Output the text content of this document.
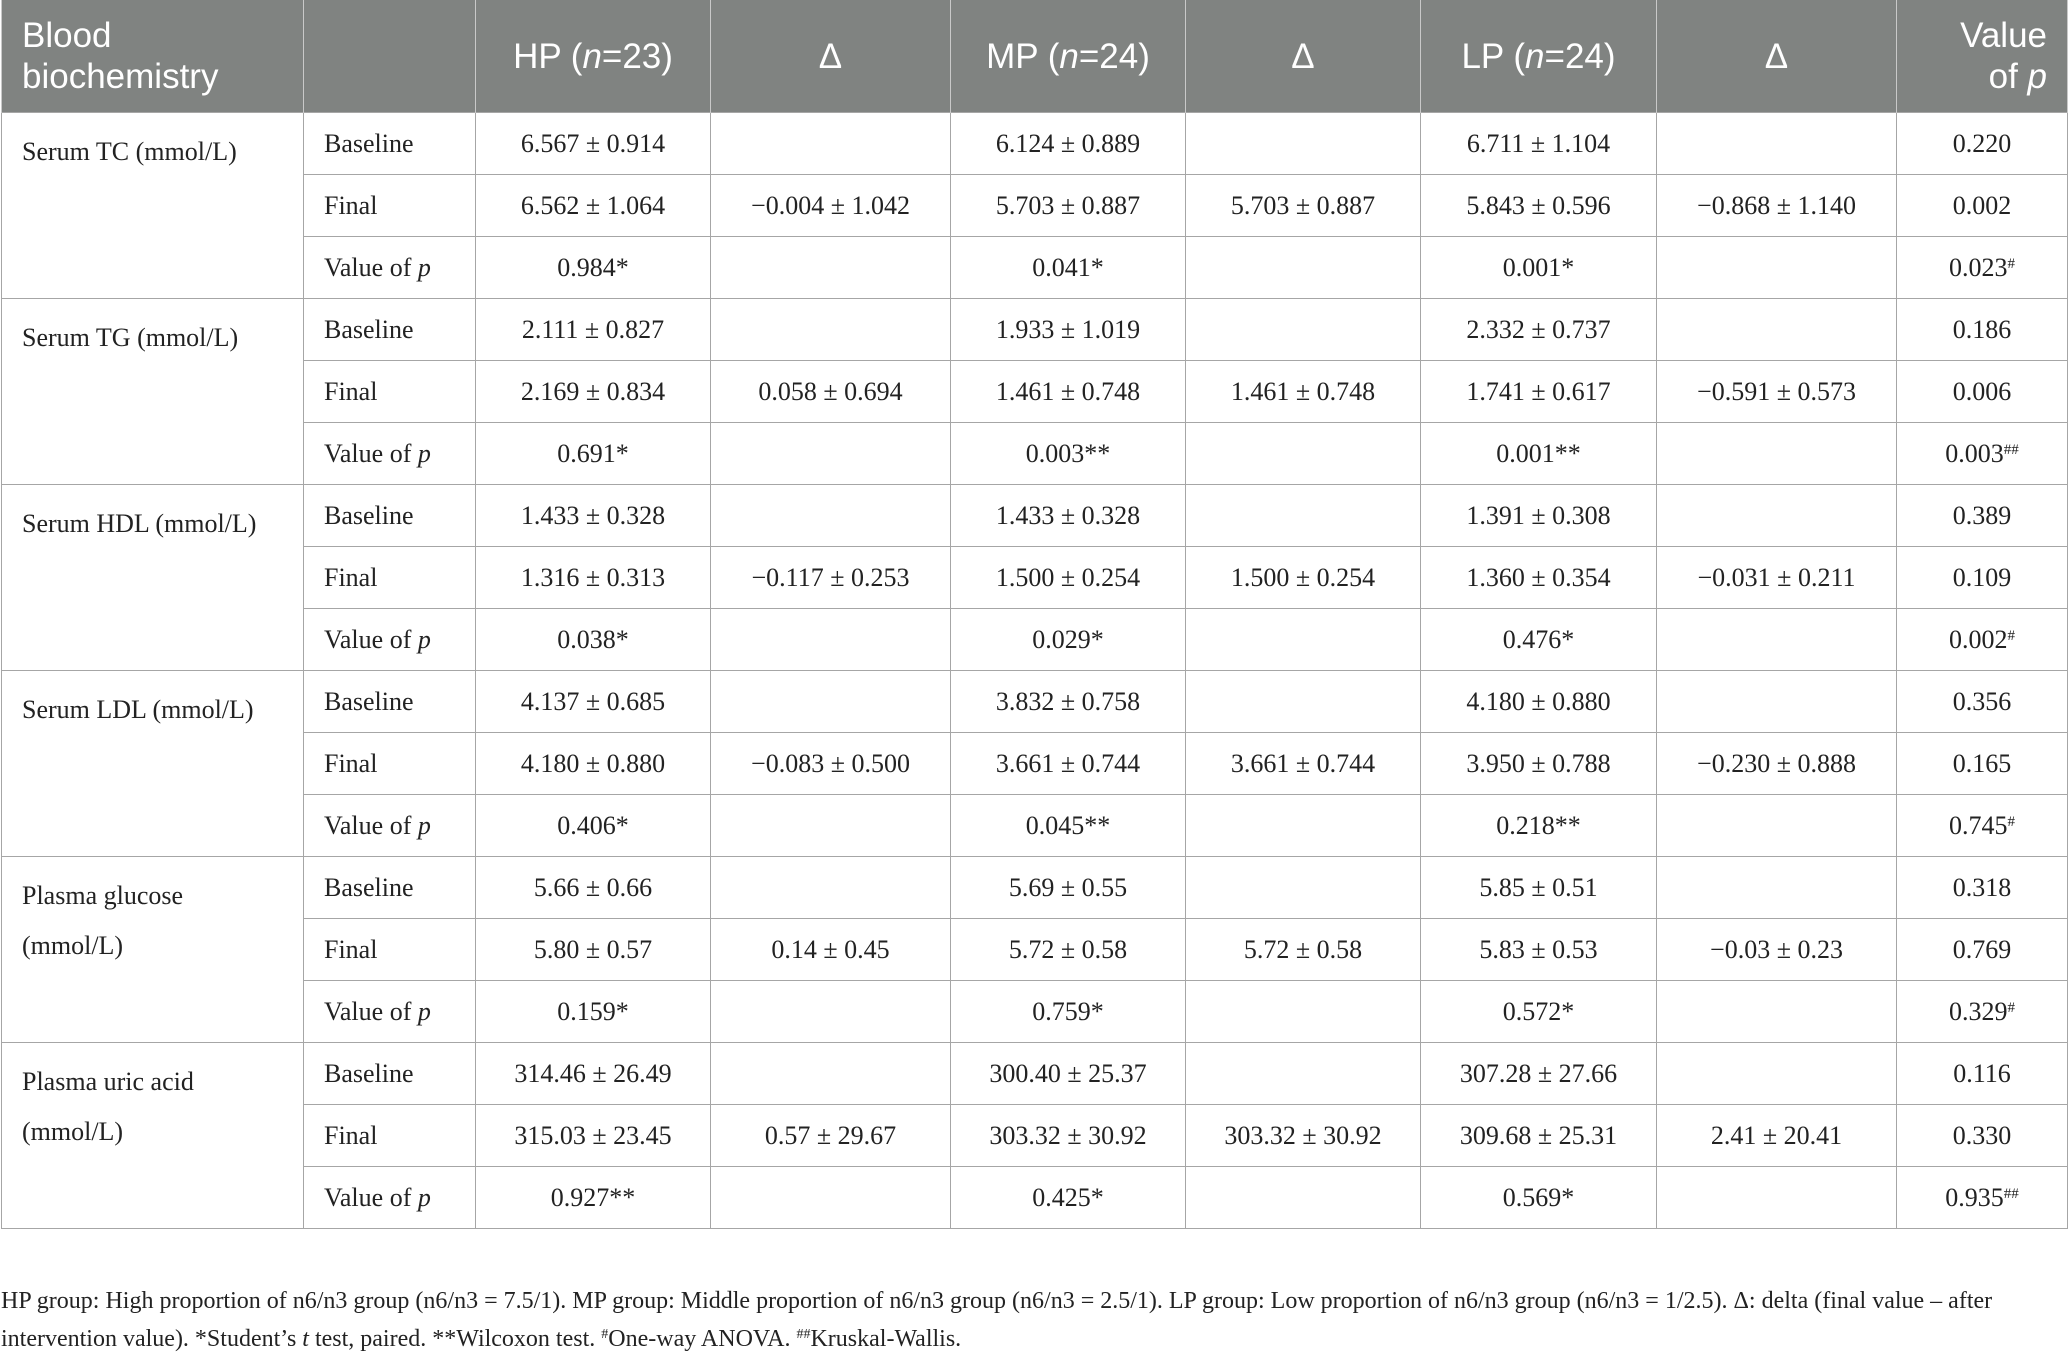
Blood biochemistry		HP (n=23)	Δ	MP (n=24)	Δ	LP (n=24)	Δ	Value
of p
Serum TC (mmol/L)	Baseline	6.567 ± 0.914		6.124 ± 0.889		6.711 ± 1.104		0.220
	Final	6.562 ± 1.064	−0.004 ± 1.042	5.703 ± 0.887	5.703 ± 0.887	5.843 ± 0.596	−0.868 ± 1.140	0.002
	Value of p	0.984*		0.041*		0.001*		0.023#
Serum TG (mmol/L)	Baseline	2.111 ± 0.827		1.933 ± 1.019		2.332 ± 0.737		0.186
	Final	2.169 ± 0.834	0.058 ± 0.694	1.461 ± 0.748	1.461 ± 0.748	1.741 ± 0.617	−0.591 ± 0.573	0.006
	Value of p	0.691*		0.003**		0.001**		0.003##
Serum HDL (mmol/L)	Baseline	1.433 ± 0.328		1.433 ± 0.328		1.391 ± 0.308		0.389
	Final	1.316 ± 0.313	−0.117 ± 0.253	1.500 ± 0.254	1.500 ± 0.254	1.360 ± 0.354	−0.031 ± 0.211	0.109
	Value of p	0.038*		0.029*		0.476*		0.002#
Serum LDL (mmol/L)	Baseline	4.137 ± 0.685		3.832 ± 0.758		4.180 ± 0.880		0.356
	Final	4.180 ± 0.880	−0.083 ± 0.500	3.661 ± 0.744	3.661 ± 0.744	3.950 ± 0.788	−0.230 ± 0.888	0.165
	Value of p	0.406*		0.045**		0.218**		0.745#
Plasma glucose (mmol/L)	Baseline	5.66 ± 0.66		5.69 ± 0.55		5.85 ± 0.51		0.318
	Final	5.80 ± 0.57	0.14 ± 0.45	5.72 ± 0.58	5.72 ± 0.58	5.83 ± 0.53	−0.03 ± 0.23	0.769
	Value of p	0.159*		0.759*		0.572*		0.329#
Plasma uric acid (mmol/L)	Baseline	314.46 ± 26.49		300.40 ± 25.37		307.28 ± 27.66		0.116
	Final	315.03 ± 23.45	0.57 ± 29.67	303.32 ± 30.92	303.32 ± 30.92	309.68 ± 25.31	2.41 ± 20.41	0.330
	Value of p	0.927**		0.425*		0.569*		0.935##
HP group: High proportion of n6/n3 group (n6/n3 = 7.5/1). MP group: Middle proportion of n6/n3 group (n6/n3 = 2.5/1). LP group: Low proportion of n6/n3 group (n6/n3 = 1/2.5). Δ: delta (final value – after intervention value). *Student’s t test, paired. **Wilcoxon test. #One-way ANOVA. ##Kruskal-Wallis.
